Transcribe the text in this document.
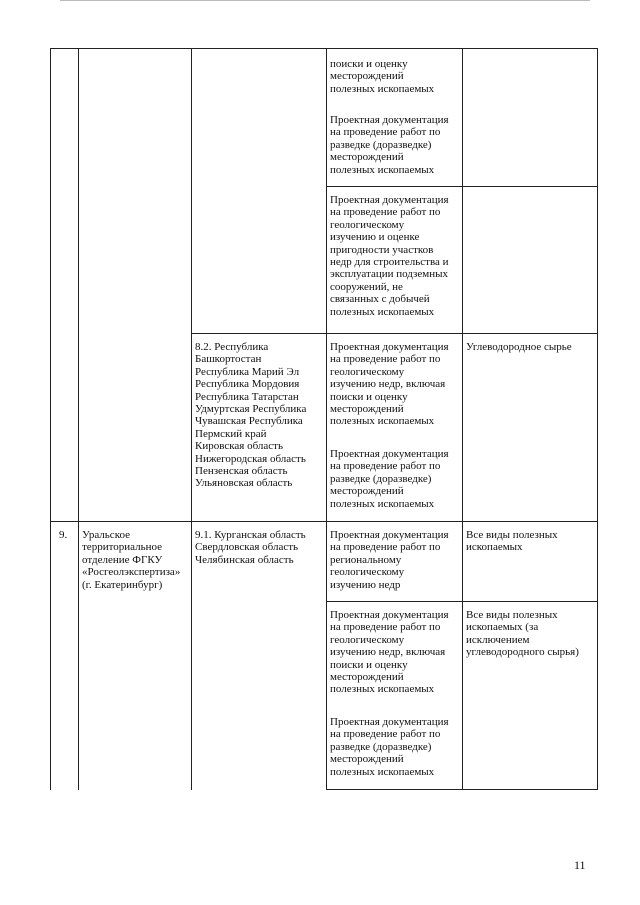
поиски и оценку
месторождений
полезных ископаемых

Проектная документация
на проведение работ по
разведке (доразведке)
месторождений
полезных ископаемых

Проектная документация
на проведение работ по
геологическому
изучению и оценке
пригодности участков
недр для строительства и
эксплуатации подземных
сооружений, не
связанных с добычей
полезных ископаемых

8.2. Республика
Башкортостан
Республика Марий Эл
Республика Мордовия
Республика Татарстан
Удмуртская Республика
Чувашская Республика
Пермский край
Кировская область
Нижегородская область
Пензенская область
Ульяновская область

Проектная документация
на проведение работ по
геологическому
изучению недр, включая
поиски и оценку
месторождений
полезных ископаемых

Проектная документация
на проведение работ по
разведке (доразведке)
месторождений
полезных ископаемых

Углеводородное сырье

9. Уральское
территориальное
отделение ФГКУ
«Росгеолэкспертиза»
(г. Екатеринбург)

9.1. Курганская область
Свердловская область
Челябинская область

Проектная документация
на проведение работ по
региональному
геологическому
изучению недр

Все виды полезных
ископаемых

Проектная документация
на проведение работ по
геологическому
изучению недр, включая
поиски и оценку
месторождений
полезных ископаемых

Проектная документация
на проведение работ по
разведке (доразведке)
месторождений
полезных ископаемых

Все виды полезных
ископаемых (за
исключением
углеводородного сырья)

11
